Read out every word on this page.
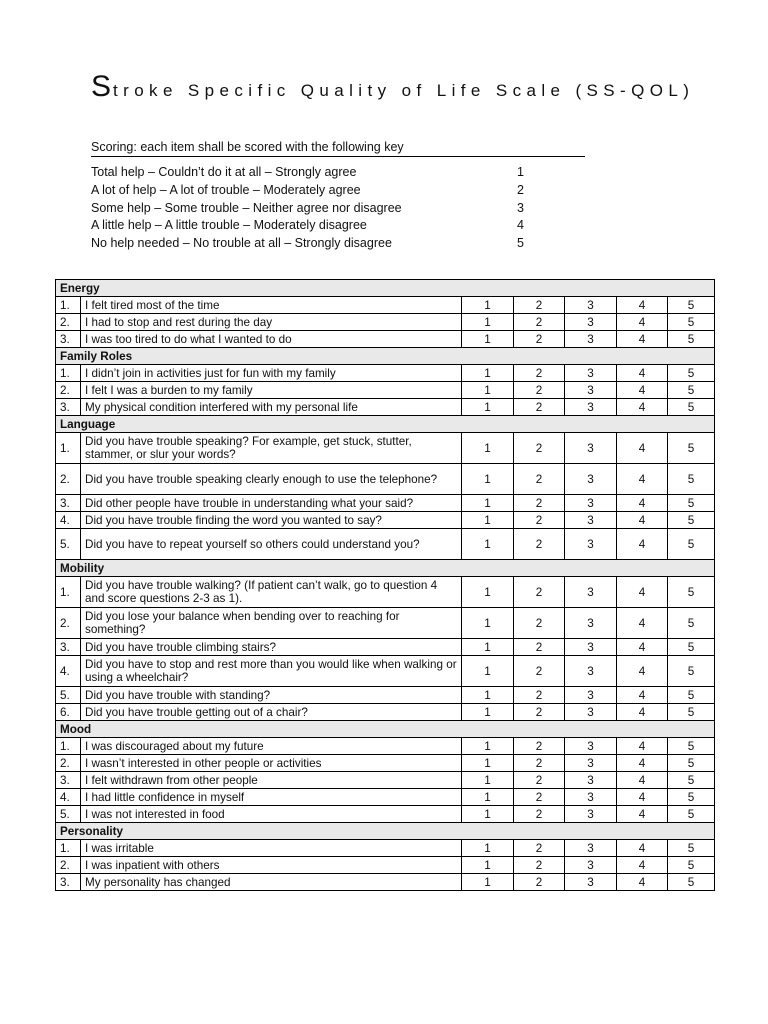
Stroke Specific Quality of Life Scale (SS-QOL)
Scoring: each item shall be scored with the following key
Total help – Couldn’t do it at all – Strongly agree	1
A lot of help – A lot of trouble – Moderately agree	2
Some help – Some trouble – Neither agree nor disagree	3
A little help – A little trouble – Moderately disagree	4
No help needed – No trouble at all – Strongly disagree	5
Energy						
1.	I felt tired most of the time	1	2	3	4	5
2.	I had to stop and rest during the day	1	2	3	4	5
3.	I was too tired to do what I wanted to do	1	2	3	4	5
Family Roles						
1.	I didn’t join in activities just for fun with my family	1	2	3	4	5
2.	I felt I was a burden to my family	1	2	3	4	5
3.	My physical condition interfered with my personal life	1	2	3	4	5
Language						
1.	Did you have trouble speaking? For example, get stuck, stutter, stammer, or slur your words?	1	2	3	4	5
2.	Did you have trouble speaking clearly enough to use the telephone?	1	2	3	4	5
3.	Did other people have trouble in understanding what your said?	1	2	3	4	5
4.	Did you have trouble finding the word you wanted to say?	1	2	3	4	5
5.	Did you have to repeat yourself so others could understand you?	1	2	3	4	5
Mobility						
1.	Did you have trouble walking? (If patient can’t walk, go to question 4 and score questions 2-3 as 1).	1	2	3	4	5
2.	Did you lose your balance when bending over to reaching for something?	1	2	3	4	5
3.	Did you have trouble climbing stairs?	1	2	3	4	5
4.	Did you have to stop and rest more than you would like when walking or using a wheelchair?	1	2	3	4	5
5.	Did you have trouble with standing?	1	2	3	4	5
6.	Did you have trouble getting out of a chair?	1	2	3	4	5
Mood						
1.	I was discouraged about my future	1	2	3	4	5
2.	I wasn’t interested in other people or activities	1	2	3	4	5
3.	I felt withdrawn from other people	1	2	3	4	5
4.	I had little confidence in myself	1	2	3	4	5
5.	I was not interested in food	1	2	3	4	5
Personality						
1.	I was irritable	1	2	3	4	5
2.	I was inpatient with others	1	2	3	4	5
3.	My personality has changed	1	2	3	4	5
